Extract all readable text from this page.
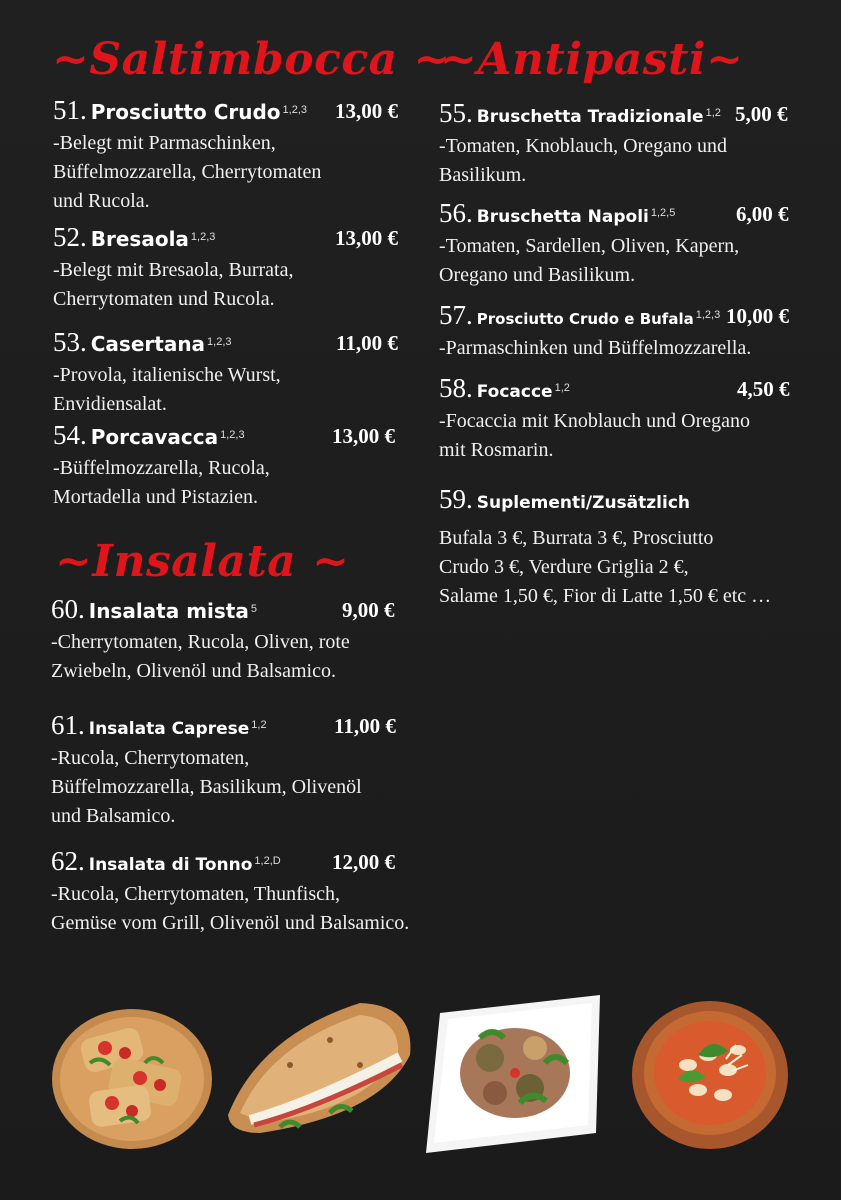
~Saltimbocca ~
51. Prosciutto Crudo $^{1,2,3}$ 13,00 €
-Belegt mit Parmaschinken,
Büffelmozzarella, Cherrytomaten
und Rucola.
52. Bresaola $^{1,2,3}$	13,00 €
-Belegt mit Bresaola, Burrata,
Cherrytomaten und Rucola.
53. Casertana $^{1,2,3}$	11,00 €
-Provola, italienische Wurst,
Envidiensalat.
54. Porcavacca $^{1,2,3}$	13,00 €
-Büffelmozzarella, Rucola,
Mortadella und Pistazien.
~Insalata ~
60. Insalata mista $^5$	9,00 €
-Cherrytomaten, Rucola, Oliven, rote
Zwiebeln, Olivenöl und Balsamico.
61. Insalata Caprese $^{1,2}$	11,00 €
-Rucola, Cherrytomaten,
Büffelmozzarella, Basilikum, Olivenöl
und Balsamico.
62. Insalata di Tonno $^{1,2,D}$ 12,00 €
-Rucola, Cherrytomaten, Thunfisch,
Gemüse vom Grill, Olivenöl und Balsamico.
~Antipasti~
55. Bruschetta Tradizionale $^{1,2}$ 5,00 €
-Tomaten, Knoblauch, Oregano und
Basilikum.
56. Bruschetta Napoli $^{1,2,5}$	6,00 €
-Tomaten, Sardellen, Oliven, Kapern,
Oregano und Basilikum.
57. Prosciutto Crudo e Bufala $^{1,2,3}$ 10,00 €
-Parmaschinken und Büffelmozzarella.
58. Focacce $^{1,2}$	4,50 €
-Focaccia mit Knoblauch und Oregano
mit Rosmarin.
59. Suplementi/Zusätzlich
Bufala 3 €, Burrata 3 €, Prosciutto
Crudo 3 €, Verdure Griglia 2 €,
Salame 1,50 €, Fior di Latte 1,50 € etc …
